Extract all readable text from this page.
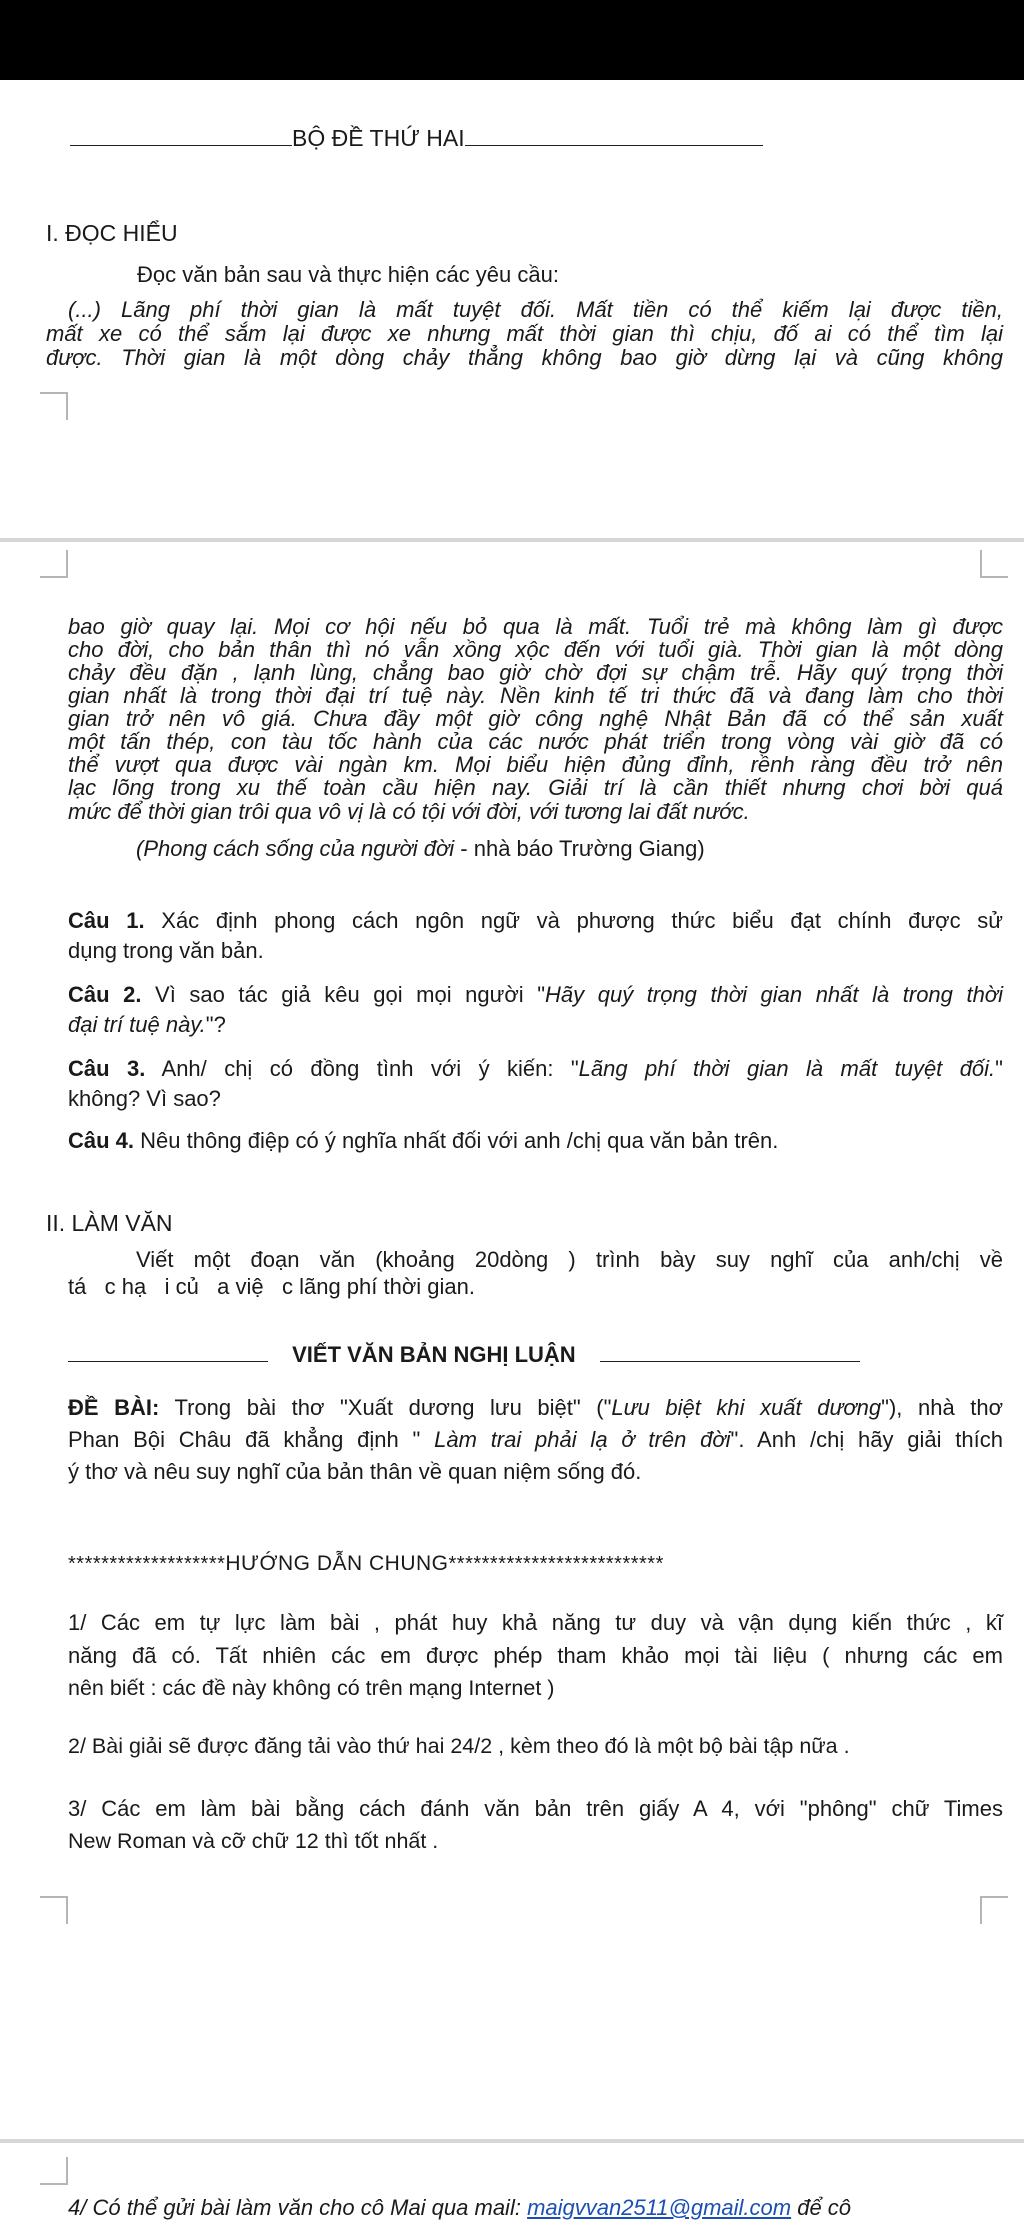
BỘ ĐỀ THỨ HAI
I. ĐỌC HIỂU
Đọc văn bản sau và thực hiện các yêu cầu:
(...) Lãng phí thời gian là mất tuyệt đối. Mất tiền có thể kiếm lại được tiền,
mất xe có thể sắm lại được xe nhưng mất thời gian thì chịu, đố ai có thể tìm lại
được. Thời gian là một dòng chảy thẳng không bao giờ dừng lại và cũng không
bao giờ quay lại. Mọi cơ hội nếu bỏ qua là mất. Tuổi trẻ mà không làm gì được
cho đời, cho bản thân thì nó vẫn xồng xộc đến với tuổi già. Thời gian là một dòng
chảy đều đặn , lạnh lùng, chẳng bao giờ chờ đợi sự chậm trễ. Hãy quý trọng thời
gian nhất là trong thời đại trí tuệ này. Nền kinh tế tri thức đã và đang làm cho thời
gian trở nên vô giá. Chưa đầy một giờ công nghệ Nhật Bản đã có thể sản xuất
một tấn thép, con tàu tốc hành của các nước phát triển trong vòng vài giờ đã có
thể vượt qua được vài ngàn km. Mọi biểu hiện đủng đỉnh, rềnh ràng đều trở nên
lạc lõng trong xu thế toàn cầu hiện nay. Giải trí là cần thiết nhưng chơi bời quá
mức để thời gian trôi qua vô vị là có tội với đời, với tương lai đất nước.
(Phong cách sống của người đời - nhà báo Trường Giang)
Câu 1. Xác định phong cách ngôn ngữ và phương thức biểu đạt chính được sử
dụng trong văn bản.
Câu 2. Vì sao tác giả kêu gọi mọi người "Hãy quý trọng thời gian nhất là trong thời
đại trí tuệ này."?
Câu 3. Anh/ chị có đồng tình với ý kiến: "Lãng phí thời gian là mất tuyệt đối."
không? Vì sao?
Câu 4. Nêu thông điệp có ý nghĩa nhất đối với anh /chị qua văn bản trên.
II. LÀM VĂN
Viết một đoạn văn (khoảng 20dòng ) trình bày suy nghĩ của anh/chị về
tá   c hạ   i củ   a việ   c lãng phí thời gian.
VIẾT VĂN BẢN NGHỊ LUẬN
ĐỀ BÀI: Trong bài thơ "Xuất dương lưu biệt" ("Lưu biệt khi xuất dương"), nhà thơ
Phan Bội Châu đã khẳng định " Làm trai phải lạ ở trên đời". Anh /chị hãy giải thích
ý thơ và nêu suy nghĩ của bản thân về quan niệm sống đó.
*******************HƯỚNG DẪN CHUNG**************************
1/ Các em tự lực làm bài , phát huy khả năng tư duy và vận dụng kiến thức , kĩ
năng đã có. Tất nhiên các em được phép tham khảo mọi tài liệu ( nhưng các em
nên biết : các đề này không có trên mạng Internet )
2/ Bài giải sẽ được đăng tải vào thứ hai 24/2 , kèm theo đó là một bộ bài tập nữa .
3/ Các em làm bài bằng cách đánh văn bản trên giấy A 4, với "phông" chữ Times
New Roman và cỡ chữ 12 thì tốt nhất .
4/ Có thể gửi bài làm văn cho cô Mai qua mail: maigvvan2511@gmail.com để cô
